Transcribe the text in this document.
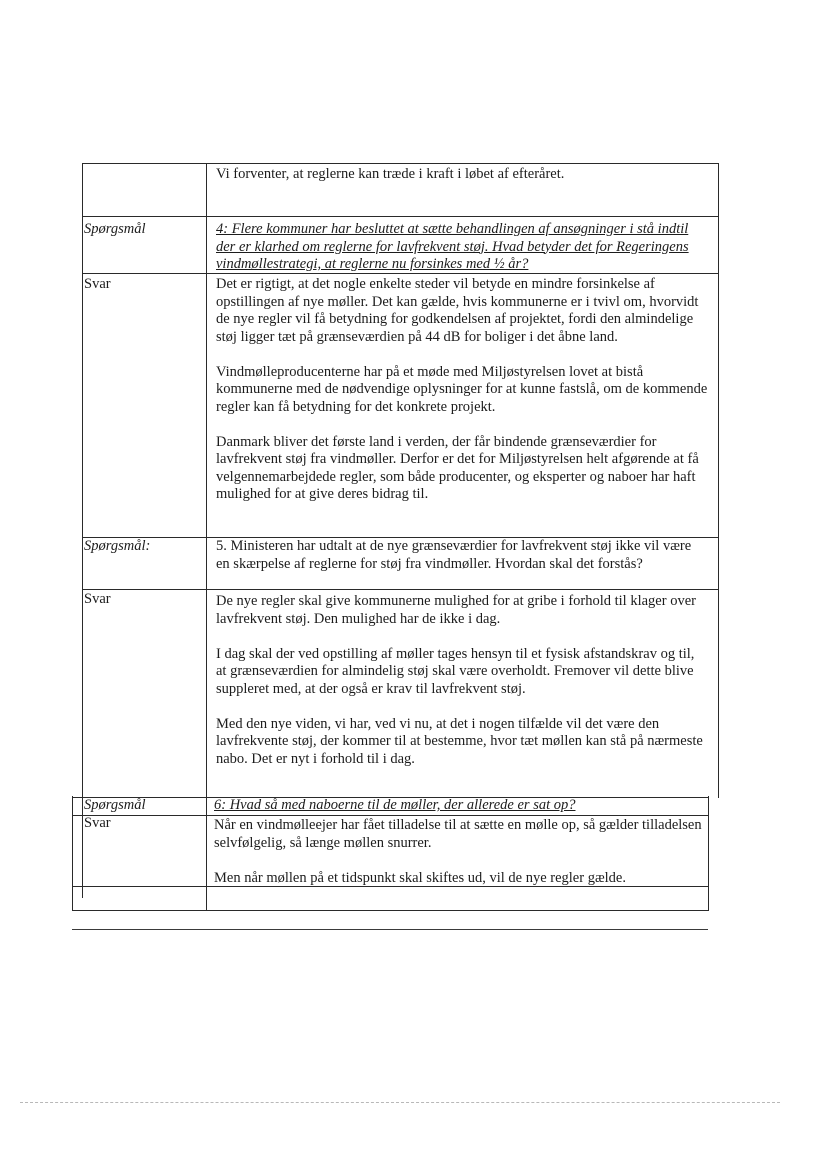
Vi forventer, at reglerne kan træde i kraft i løbet af efteråret.

Spørgsmål	4: Flere kommuner har besluttet at sætte behandlingen af ansøgninger i stå indtil der er klarhed om reglerne for lavfrekvent støj. Hvad betyder det for Regeringens vindmøllestrategi, at reglerne nu forsinkes med ½ år?

Svar	Det er rigtigt, at det nogle enkelte steder vil betyde en mindre forsinkelse af opstillingen af nye møller. Det kan gælde, hvis kommunerne er i tvivl om, hvorvidt de nye regler vil få betydning for godkendelsen af projektet, fordi den almindelige støj ligger tæt på grænseværdien på 44 dB for boliger i det åbne land.

Vindmølleproducenterne har på et møde med Miljøstyrelsen lovet at bistå kommunerne med de nødvendige oplysninger for at kunne fastslå, om de kommende regler kan få betydning for det konkrete projekt.

Danmark bliver det første land i verden, der får bindende grænseværdier for lavfrekvent støj fra vindmøller. Derfor er det for Miljøstyrelsen helt afgørende at få velgennemarbejdede regler, som både producenter, og eksperter og naboer har haft mulighed for at give deres bidrag til.

Spørgsmål:	5. Ministeren har udtalt at de nye grænseværdier for lavfrekvent støj ikke vil være en skærpelse af reglerne for støj fra vindmøller. Hvordan skal det forstås?

Svar	De nye regler skal give kommunerne mulighed for at gribe i forhold til klager over lavfrekvent støj. Den mulighed har de ikke i dag.

I dag skal der ved opstilling af møller tages hensyn til et fysisk afstandskrav og til, at grænseværdien for almindelig støj skal være overholdt. Fremover vil dette blive suppleret med, at der også er krav til lavfrekvent støj.

Med den nye viden, vi har, ved vi nu, at det i nogen tilfælde vil det være den lavfrekvente støj, der kommer til at bestemme, hvor tæt møllen kan stå på nærmeste nabo. Det er nyt i forhold til i dag.

Spørgsmål	6: Hvad så med naboerne til de møller, der allerede er sat op?

Svar	Når en vindmølleejer har fået tilladelse til at sætte en mølle op, så gælder tilladelsen selvfølgelig, så længe møllen snurrer.

Men når møllen på et tidspunkt skal skiftes ud, vil de nye regler gælde.
